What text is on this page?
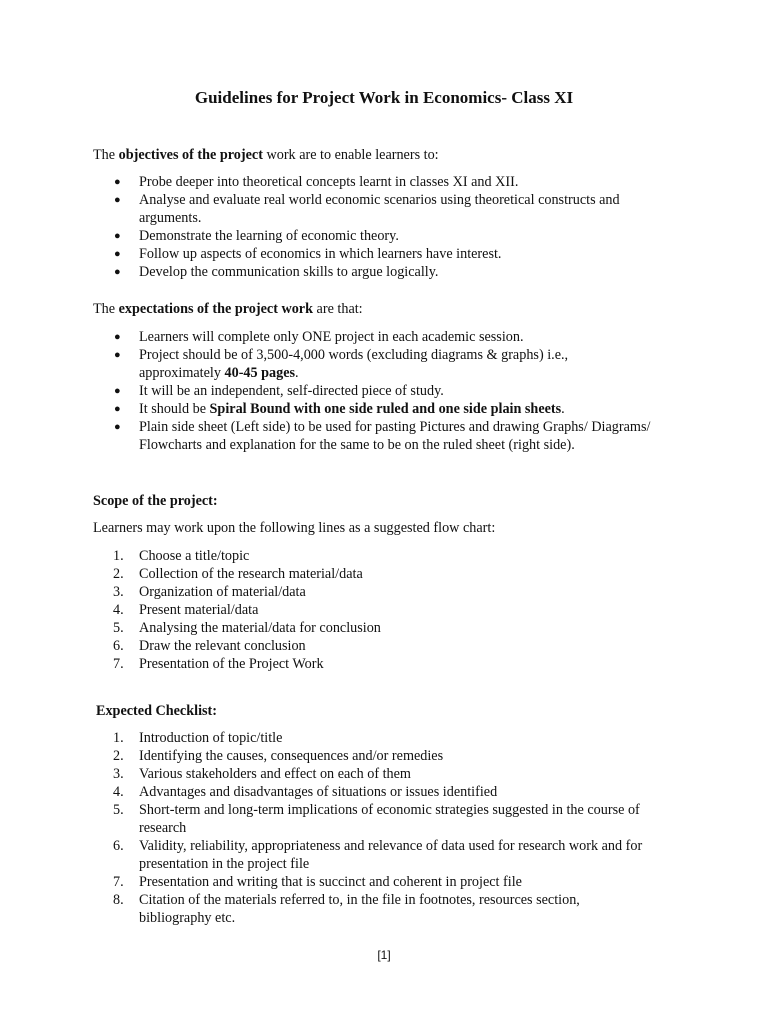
Guidelines for Project Work in Economics- Class XI

The objectives of the project work are to enable learners to:

● Probe deeper into theoretical concepts learnt in classes XI and XII.
● Analyse and evaluate real world economic scenarios using theoretical constructs and arguments.
● Demonstrate the learning of economic theory.
● Follow up aspects of economics in which learners have interest.
● Develop the communication skills to argue logically.

The expectations of the project work are that:

● Learners will complete only ONE project in each academic session.
● Project should be of 3,500-4,000 words (excluding diagrams & graphs) i.e., approximately 40-45 pages.
● It will be an independent, self-directed piece of study.
● It should be Spiral Bound with one side ruled and one side plain sheets.
● Plain side sheet (Left side) to be used for pasting Pictures and drawing Graphs/ Diagrams/ Flowcharts and explanation for the same to be on the ruled sheet (right side).
Scope of the project:

Learners may work upon the following lines as a suggested flow chart:

1. Choose a title/topic
2. Collection of the research material/data
3. Organization of material/data
4. Present material/data
5. Analysing the material/data for conclusion
6. Draw the relevant conclusion
7. Presentation of the Project Work
Expected Checklist:
1. Introduction of topic/title
2. Identifying the causes, consequences and/or remedies
3. Various stakeholders and effect on each of them
4. Advantages and disadvantages of situations or issues identified
5. Short-term and long-term implications of economic strategies suggested in the course of research
6. Validity, reliability, appropriateness and relevance of data used for research work and for presentation in the project file
7. Presentation and writing that is succinct and coherent in project file
8. Citation of the materials referred to, in the file in footnotes, resources section, bibliography etc.
[1]
